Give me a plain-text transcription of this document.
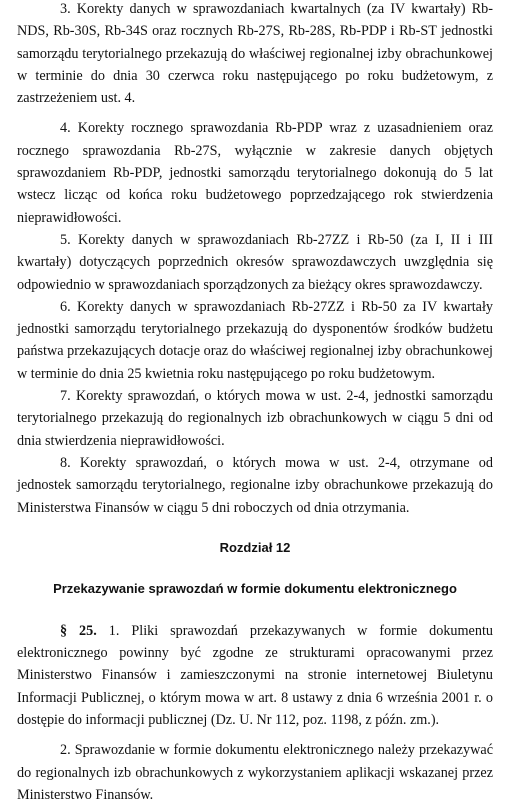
3. Korekty danych w sprawozdaniach kwartalnych (za IV kwartały) Rb-NDS, Rb-30S, Rb-34S oraz rocznych Rb-27S, Rb-28S, Rb-PDP i Rb-ST jednostki samorządu terytorialnego przekazują do właściwej regionalnej izby obrachunkowej w terminie do dnia 30 czerwca roku następującego po roku budżetowym, z zastrzeżeniem ust. 4.

4. Korekty rocznego sprawozdania Rb-PDP wraz z uzasadnieniem oraz rocznego sprawozdania Rb-27S, wyłącznie w zakresie danych objętych sprawozdaniem Rb-PDP, jednostki samorządu terytorialnego dokonują do 5 lat wstecz licząc od końca roku budżetowego poprzedzającego rok stwierdzenia nieprawidłowości.

5. Korekty danych w sprawozdaniach Rb-27ZZ i Rb-50 (za I, II i III kwartały) dotyczących poprzednich okresów sprawozdawczych uwzględnia się odpowiednio w sprawozdaniach sporządzonych za bieżący okres sprawozdawczy.

6. Korekty danych w sprawozdaniach Rb-27ZZ i Rb-50 za IV kwartały jednostki samorządu terytorialnego przekazują do dysponentów środków budżetu państwa przekazujących dotacje oraz do właściwej regionalnej izby obrachunkowej w terminie do dnia 25 kwietnia roku następującego po roku budżetowym.

7. Korekty sprawozdań, o których mowa w ust. 2-4, jednostki samorządu terytorialnego przekazują do regionalnych izb obrachunkowych w ciągu 5 dni od dnia stwierdzenia nieprawidłowości.

8. Korekty sprawozdań, o których mowa w ust. 2-4, otrzymane od jednostek samorządu terytorialnego, regionalne izby obrachunkowe przekazują do Ministerstwa Finansów w ciągu 5 dni roboczych od dnia otrzymania.

Rozdział 12
Przekazywanie sprawozdań w formie dokumentu elektronicznego

§ 25. 1. Pliki sprawozdań przekazywanych w formie dokumentu elektronicznego powinny być zgodne ze strukturami opracowanymi przez Ministerstwo Finansów i zamieszczonymi na stronie internetowej Biuletynu Informacji Publicznej, o którym mowa w art. 8 ustawy z dnia 6 września 2001 r. o dostępie do informacji publicznej (Dz. U. Nr 112, poz. 1198, z późn. zm.).

2. Sprawozdanie w formie dokumentu elektronicznego należy przekazywać do regionalnych izb obrachunkowych z wykorzystaniem aplikacji wskazanej przez Ministerstwo Finansów.
